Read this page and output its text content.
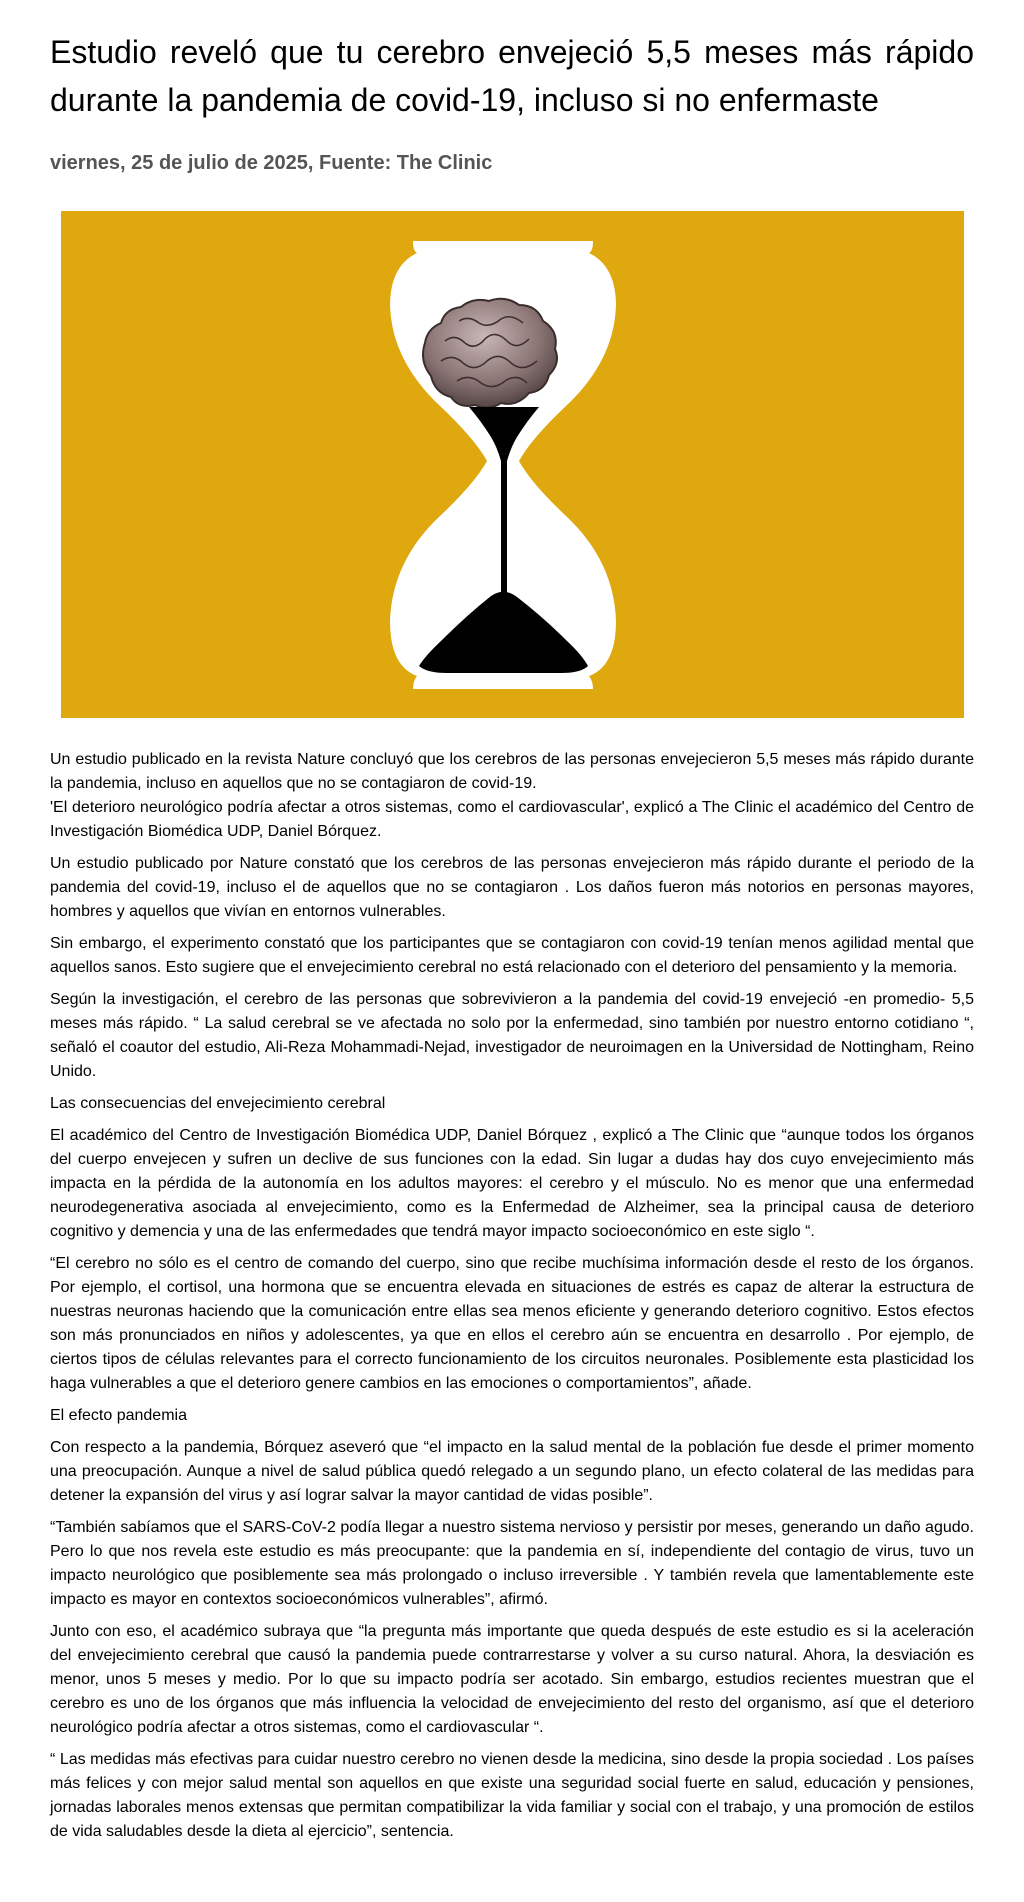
Estudio reveló que tu cerebro envejeció 5,5 meses más rápido durante la pandemia de covid-19, incluso si no enfermaste
viernes, 25 de julio de 2025, Fuente: The Clinic

Un estudio publicado en la revista Nature concluyó que los cerebros de las personas envejecieron 5,5 meses más rápido durante la pandemia, incluso en aquellos que no se contagiaron de covid-19.
'El deterioro neurológico podría afectar a otros sistemas, como el cardiovascular', explicó a The Clinic el académico del Centro de Investigación Biomédica UDP, Daniel Bórquez.

Un estudio publicado por Nature constató que los cerebros de las personas envejecieron más rápido durante el periodo de la pandemia del covid-19, incluso el de aquellos que no se contagiaron . Los daños fueron más notorios en personas mayores, hombres y aquellos que vivían en entornos vulnerables.

Sin embargo, el experimento constató que los participantes que se contagiaron con covid-19 tenían menos agilidad mental que aquellos sanos. Esto sugiere que el envejecimiento cerebral no está relacionado con el deterioro del pensamiento y la memoria.

Según la investigación, el cerebro de las personas que sobrevivieron a la pandemia del covid-19 envejeció -en promedio- 5,5 meses más rápido. “ La salud cerebral se ve afectada no solo por la enfermedad, sino también por nuestro entorno cotidiano “, señaló el coautor del estudio, Ali-Reza Mohammadi-Nejad, investigador de neuroimagen en la Universidad de Nottingham, Reino Unido.

Las consecuencias del envejecimiento cerebral

El académico del Centro de Investigación Biomédica UDP, Daniel Bórquez , explicó a The Clinic que “aunque todos los órganos del cuerpo envejecen y sufren un declive de sus funciones con la edad. Sin lugar a dudas hay dos cuyo envejecimiento más impacta en la pérdida de la autonomía en los adultos mayores: el cerebro y el músculo. No es menor que una enfermedad neurodegenerativa asociada al envejecimiento, como es la Enfermedad de Alzheimer, sea la principal causa de deterioro cognitivo y demencia y una de las enfermedades que tendrá mayor impacto socioeconómico en este siglo “.

“El cerebro no sólo es el centro de comando del cuerpo, sino que recibe muchísima información desde el resto de los órganos. Por ejemplo, el cortisol, una hormona que se encuentra elevada en situaciones de estrés es capaz de alterar la estructura de nuestras neuronas haciendo que la comunicación entre ellas sea menos eficiente y generando deterioro cognitivo. Estos efectos son más pronunciados en niños y adolescentes, ya que en ellos el cerebro aún se encuentra en desarrollo . Por ejemplo, de ciertos tipos de células relevantes para el correcto funcionamiento de los circuitos neuronales. Posiblemente esta plasticidad los haga vulnerables a que el deterioro genere cambios en las emociones o comportamientos”, añade.

El efecto pandemia

Con respecto a la pandemia, Bórquez aseveró que “el impacto en la salud mental de la población fue desde el primer momento una preocupación. Aunque a nivel de salud pública quedó relegado a un segundo plano, un efecto colateral de las medidas para detener la expansión del virus y así lograr salvar la mayor cantidad de vidas posible”.

“También sabíamos que el SARS-CoV-2 podía llegar a nuestro sistema nervioso y persistir por meses, generando un daño agudo. Pero lo que nos revela este estudio es más preocupante: que la pandemia en sí, independiente del contagio de virus, tuvo un impacto neurológico que posiblemente sea más prolongado o incluso irreversible . Y también revela que lamentablemente este impacto es mayor en contextos socioeconómicos vulnerables”, afirmó.

Junto con eso, el académico subraya que “la pregunta más importante que queda después de este estudio es si la aceleración del envejecimiento cerebral que causó la pandemia puede contrarrestarse y volver a su curso natural. Ahora, la desviación es menor, unos 5 meses y medio. Por lo que su impacto podría ser acotado. Sin embargo, estudios recientes muestran que el cerebro es uno de los órganos que más influencia la velocidad de envejecimiento del resto del organismo, así que el deterioro neurológico podría afectar a otros sistemas, como el cardiovascular “.

“ Las medidas más efectivas para cuidar nuestro cerebro no vienen desde la medicina, sino desde la propia sociedad . Los países más felices y con mejor salud mental son aquellos en que existe una seguridad social fuerte en salud, educación y pensiones, jornadas laborales menos extensas que permitan compatibilizar la vida familiar y social con el trabajo, y una promoción de estilos de vida saludables desde la dieta al ejercicio”, sentencia.
